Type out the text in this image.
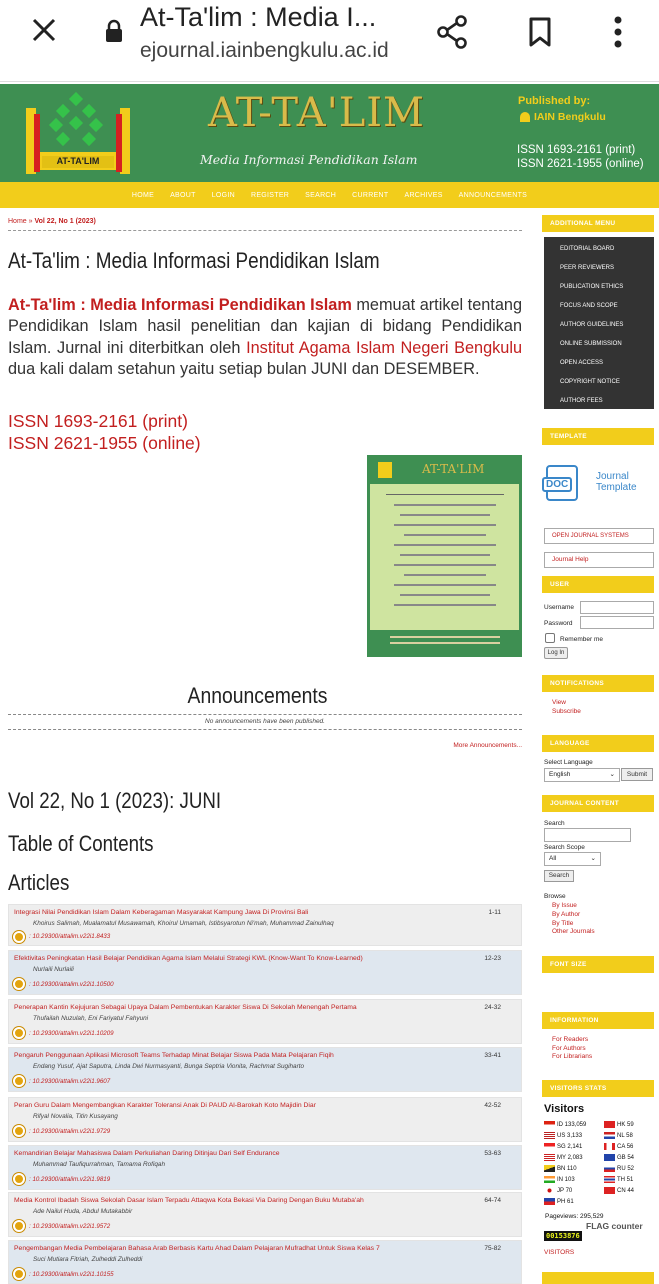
At-Ta'lim : Media I...
ejournal.iainbengkulu.ac.id
AT-TA'LIM
AT-TA'LIM
Media Informasi Pendidikan Islam
Published by:
IAIN Bengkulu
ISSN 1693-2161 (print)
ISSN 2621-1955 (online)
HOME ABOUT LOGIN REGISTER SEARCH CURRENT ARCHIVES ANNOUNCEMENTS
Home » Vol 22, No 1 (2023)
At-Ta'lim : Media Informasi Pendidikan Islam
At-Ta'lim : Media Informasi Pendidikan Islam memuat artikel tentang Pendidikan Islam hasil penelitian dan kajian di bidang Pendidikan Islam. Jurnal ini diterbitkan oleh Institut Agama Islam Negeri Bengkulu dua kali dalam setahun yaitu setiap bulan JUNI dan DESEMBER.
ISSN 1693-2161 (print)
ISSN 2621-1955 (online)
AT-TA'LIM
Announcements
No announcements have been published.
More Announcements...
Vol 22, No 1 (2023): JUNI
Table of Contents
Articles
Integrasi Nilai Pendidikan Islam Dalam Keberagaman Masyarakat Kampung Jawa Di Provinsi Bali	1-11
Khoirus Salimah, Mualamatul Musawamah, Khoirul Umamah, Istibsyarotun Ni'mah, Muhammad Zainulhaq
: 10.29300/attalim.v22i1.8433
Efektivitas Peningkatan Hasil Belajar Pendidikan Agama Islam Melalui Strategi KWL (Know-Want To Know-Learned)	12-23
Nurlaili Nurlaili
: 10.29300/attalim.v22i1.10500
Penerapan Kantin Kejujuran Sebagai Upaya Dalam Pembentukan Karakter Siswa Di Sekolah Menengah Pertama	24-32
Thufailah Nuzulah, Eni Fariyatul Fahyuni
: 10.29300/attalim.v22i1.10209
Pengaruh Penggunaan Aplikasi Microsoft Teams Terhadap Minat Belajar Siswa Pada Mata Pelajaran Fiqih	33-41
Endang Yusuf, Ajat Saputra, Linda Dwi Nurmasyanti, Bunga Septria Vionita, Rachmat Sugiharto
: 10.29300/attalim.v22i1.9607
Peran Guru Dalam Mengembangkan Karakter Toleransi Anak Di PAUD Al-Barokah Koto Majidin Diar	42-52
Rifyal Novalia, Titin Kusayang
: 10.29300/attalim.v22i1.9729
Kemandirian Belajar Mahasiswa Dalam Perkuliahan Daring Ditinjau Dari Self Endurance	53-63
Muhammad Taufiqurrahman, Tamama Rofiqah
: 10.29300/attalim.v22i1.9819
Media Kontrol Ibadah Siswa Sekolah Dasar Islam Terpadu Attaqwa Kota Bekasi Via Daring Dengan Buku Mutaba'ah	64-74
Ade Nailul Huda, Abdul Mutakabbir
: 10.29300/attalim.v22i1.9572
Pengembangan Media Pembelajaran Bahasa Arab Berbasis Kartu Ahad Dalam Pelajaran Mufradhat Untuk Siswa Kelas 7	75-82
Suci Mutiara Fitriah, Zulheddi Zulheddi
: 10.29300/attalim.v22i1.10155
ADDITIONAL MENU
EDITORIAL BOARD
PEER REVIEWERS
PUBLICATION ETHICS
FOCUS AND SCOPE
AUTHOR GUIDELINES
ONLINE SUBMISSION
OPEN ACCESS
COPYRIGHT NOTICE
AUTHOR FEES
TEMPLATE
DOC
Journal Template
OPEN JOURNAL SYSTEMS
Journal Help
USER
Username
Password
Remember me
Log In
NOTIFICATIONS
View
Subscribe
LANGUAGE
Select Language
English	⌄	Submit
JOURNAL CONTENT
Search
Search Scope
All	⌄
Search
Browse
By Issue
By Author
By Title
Other Journals
FONT SIZE
INFORMATION
For Readers
For Authors
For Librarians
VISITORS STATS
Visitors
ID 133,059
US 3,133
SG 2,141
MY 2,083
BN 110
IN 103
JP 70
PH 61
HK 59
NL 58
CA 56
GB 54
RU 52
TH 51
CN 44
Pageviews: 295,529
FLAG counter
00153876
VISITORS
